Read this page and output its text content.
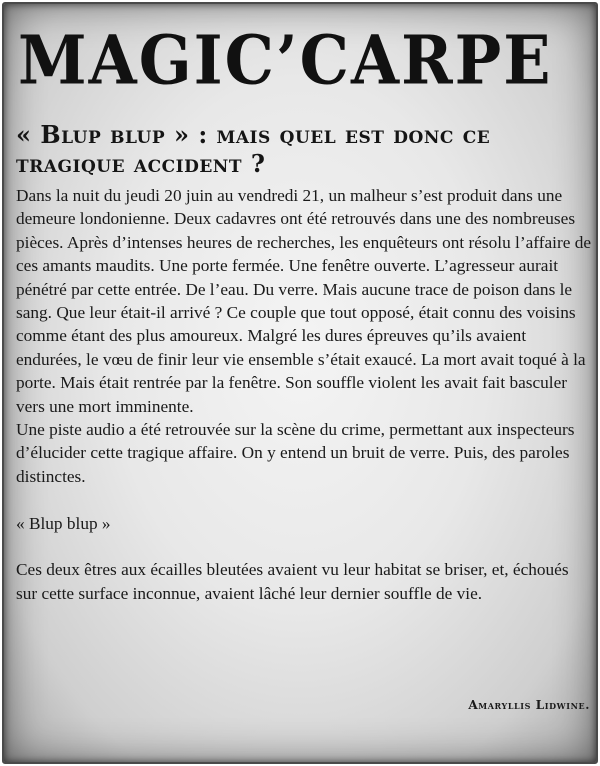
MAGIC’CARPE
« Blup blup » : mais quel est donc ce tragique accident ?

Dans la nuit du jeudi 20 juin au vendredi 21, un malheur s’est produit dans une demeure londonienne. Deux cadavres ont été retrouvés dans une des nombreuses pièces. Après d’intenses heures de recherches, les enquêteurs ont résolu l’affaire de ces amants maudits. Une porte fermée. Une fenêtre ouverte. L’agresseur aurait pénétré par cette entrée. De l’eau. Du verre. Mais aucune trace de poison dans le sang. Que leur était-il arrivé ? Ce couple que tout opposé, était connu des voisins comme étant des plus amoureux. Malgré les dures épreuves qu’ils avaient endurées, le vœu de finir leur vie ensemble s’était exaucé. La mort avait toqué à la porte. Mais était rentrée par la fenêtre. Son souffle violent les avait fait basculer vers une mort imminente.

Une piste audio a été retrouvée sur la scène du crime, permettant aux inspecteurs d’élucider cette tragique affaire. On y entend un bruit de verre. Puis, des paroles distinctes.

« Blup blup »

Ces deux êtres aux écailles bleutées avaient vu leur habitat se briser, et, échoués sur cette surface inconnue, avaient lâché leur dernier souffle de vie.

Amaryllis Lidwine.
